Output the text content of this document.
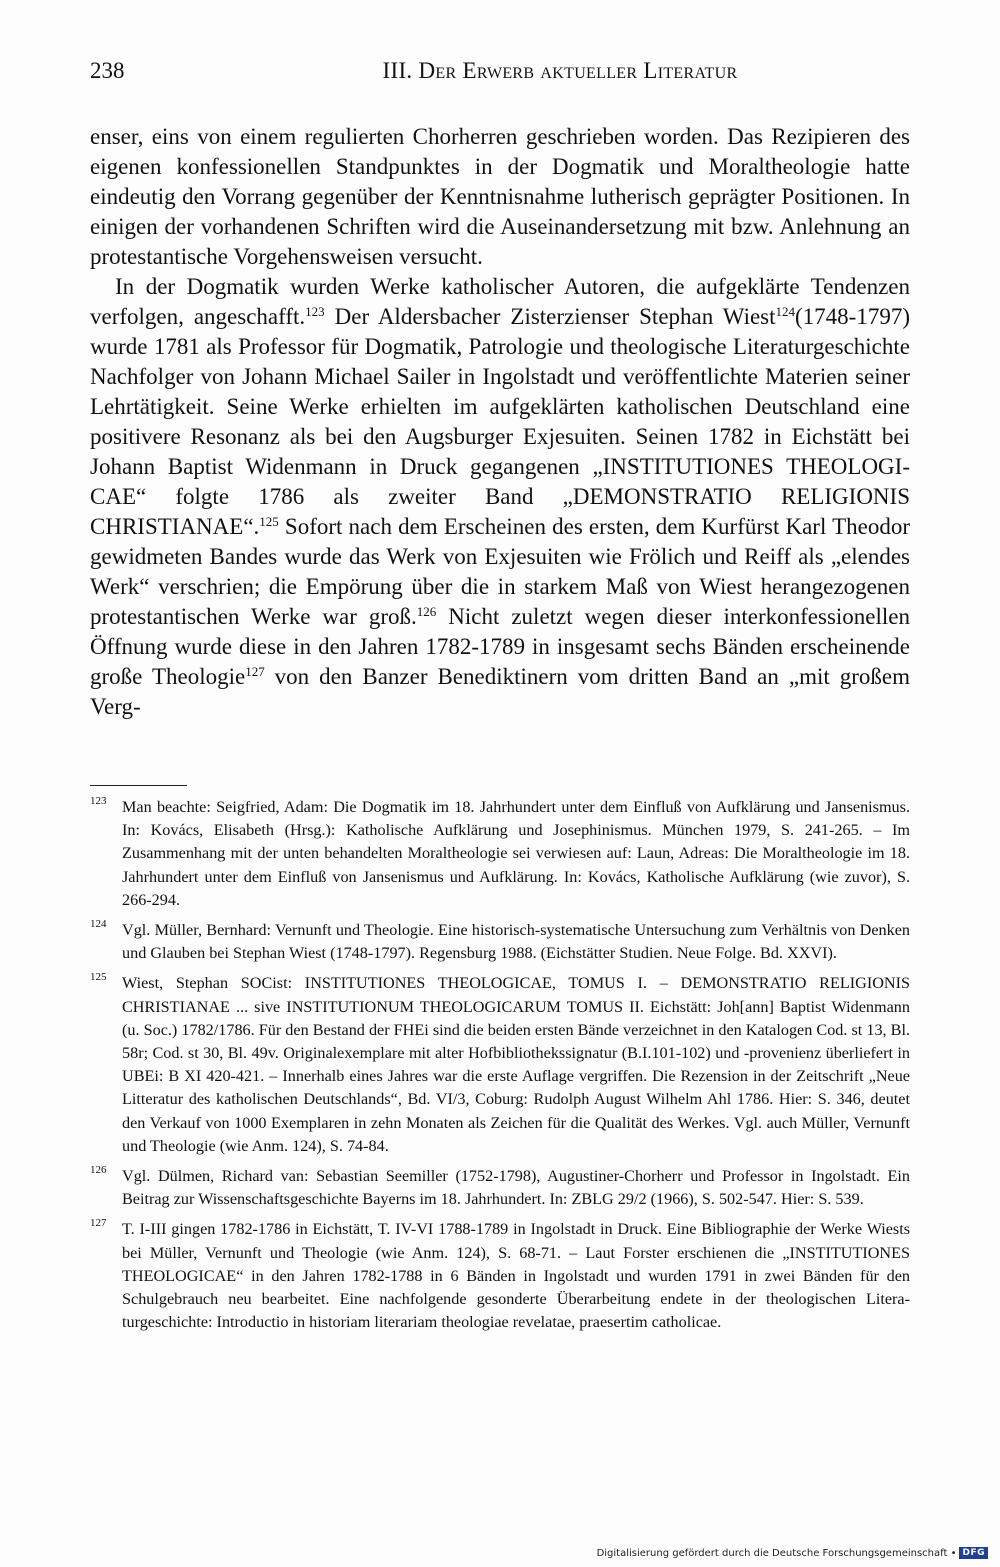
238	III. Der Erwerb aktueller Literatur

enser, eins von einem regulierten Chorherren geschrieben worden. Das Rezipieren des eigenen konfessionellen Standpunktes in der Dogmatik und Moraltheologie hatte eindeutig den Vorrang gegenüber der Kenntnisnahme lutherisch geprägter Positionen. In einigen der vorhandenen Schriften wird die Auseinandersetzung mit bzw. Anlehnung an protestantische Vorgehensweisen versucht.

In der Dogmatik wurden Werke katholischer Autoren, die aufgeklärte Tendenzen verfolgen, angeschafft.$^{123}$ Der Aldersbacher Zisterzienser Stephan Wiest$^{124}$(1748-1797) wurde 1781 als Professor für Dogmatik, Patrologie und theologische Literaturgeschichte Nachfolger von Johann Michael Sailer in Ingolstadt und veröffentlichte Materien seiner Lehrtätigkeit. Seine Werke erhielten im aufgeklärten katholischen Deutschland eine positivere Resonanz als bei den Augsburger Exjesuiten. Seinen 1782 in Eichstätt bei Johann Baptist Widenmann in Druck gegangenen „INSTITUTIONES THEOLOGICAE“ folgte 1786 als zweiter Band „DEMONSTRATIO RELIGIONIS CHRISTIANAE“.$^{125}$ Sofort nach dem Erscheinen des ersten, dem Kurfürst Karl Theodor gewidmeten Bandes wurde das Werk von Exjesuiten wie Frölich und Reiff als „elendes Werk“ verschrien; die Empörung über die in starkem Maß von Wiest herangezogenen protestantischen Werke war groß.$^{126}$ Nicht zuletzt wegen dieser interkonfessionellen Öffnung wurde diese in den Jahren 1782-1789 in insgesamt sechs Bänden erscheinende große Theologie$^{127}$ von den Banzer Benediktinern vom dritten Band an „mit großem Verg-

123 Man beachte: Seigfried, Adam: Die Dogmatik im 18. Jahrhundert unter dem Einfluß von Aufklärung und Jansenismus. In: Kovács, Elisabeth (Hrsg.): Katholische Aufklärung und Josephinismus. München 1979, S. 241-265. – Im Zusammenhang mit der unten behandelten Moraltheologie sei verwiesen auf: Laun, Adreas: Die Moraltheologie im 18. Jahrhundert unter dem Einfluß von Jansenismus und Aufklärung. In: Kovács, Katholische Aufklärung (wie zuvor), S. 266-294.
124 Vgl. Müller, Bernhard: Vernunft und Theologie. Eine historisch-systematische Untersuchung zum Verhältnis von Denken und Glauben bei Stephan Wiest (1748-1797). Regensburg 1988. (Eichstätter Studien. Neue Folge. Bd. XXVI).
125 Wiest, Stephan SOCist: INSTITUTIONES THEOLOGICAE, TOMUS I. – DEMONSTRATIO RELIGIONIS CHRISTIANAE ... sive INSTITUTIONUM THEOLOGICARUM TOMUS II. Eichstätt: Joh[ann] Baptist Widenmann (u. Soc.) 1782/1786. Für den Bestand der FHEi sind die beiden ersten Bände verzeichnet in den Katalogen Cod. st 13, Bl. 58r; Cod. st 30, Bl. 49v. Originalexemplare mit alter Hofbibliothekssignatur (B.I.101-102) und -provenienz überliefert in UBEi: B XI 420-421. – Innerhalb eines Jahres war die erste Auflage vergriffen. Die Rezension in der Zeitschrift „Neue Litteratur des katholischen Deutschlands“, Bd. VI/3, Coburg: Rudolph August Wilhelm Ahl 1786. Hier: S. 346, deutet den Verkauf von 1000 Exemplaren in zehn Monaten als Zeichen für die Qualität des Werkes. Vgl. auch Müller, Vernunft und Theologie (wie Anm. 124), S. 74-84.
126 Vgl. Dülmen, Richard van: Sebastian Seemiller (1752-1798), Augustiner-Chorherr und Professor in Ingolstadt. Ein Beitrag zur Wissenschaftsgeschichte Bayerns im 18. Jahrhundert. In: ZBLG 29/2 (1966), S. 502-547. Hier: S. 539.
127 T. I-III gingen 1782-1786 in Eichstätt, T. IV-VI 1788-1789 in Ingolstadt in Druck. Eine Bibliographie der Werke Wiests bei Müller, Vernunft und Theologie (wie Anm. 124), S. 68-71. – Laut Forster erschienen die „INSTITUTIONES THEOLOGICAE“ in den Jahren 1782-1788 in 6 Bänden in Ingolstadt und wurden 1791 in zwei Bänden für den Schulgebrauch neu bearbeitet. Eine nachfolgende gesonderte Überarbeitung endete in der theologischen Literaturgeschichte: Introductio in historiam literariam theologiae revelatae, praesertim catholicae.
Digitalisierung gefördert durch die Deutsche Forschungsgemeinschaft • DFG
